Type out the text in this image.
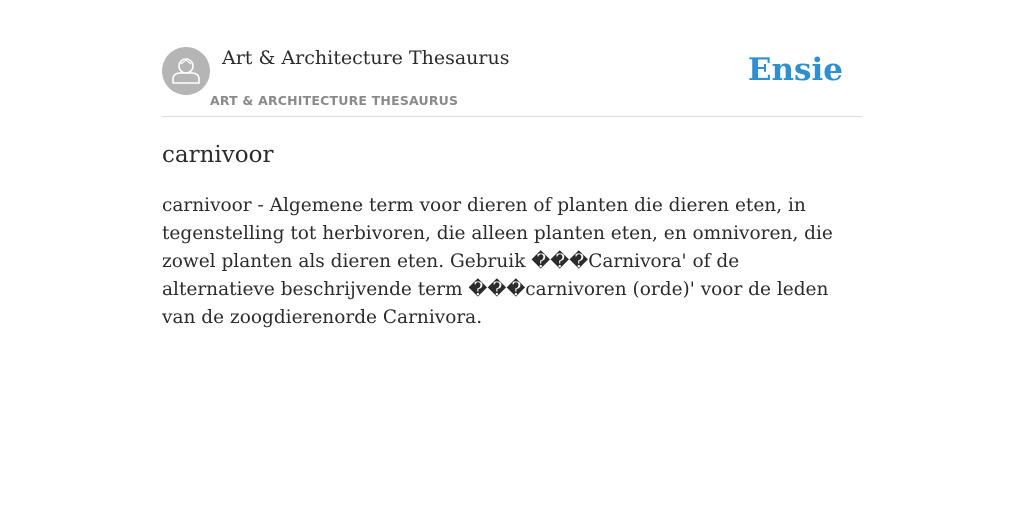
Art & Architecture Thesaurus
ART & ARCHITECTURE THESAURUS
Ensie
carnivoor

carnivoor - Algemene term voor dieren of planten die dieren eten, in tegenstelling tot herbivoren, die alleen planten eten, en omnivoren, die zowel planten als dieren eten. Gebruik ���Carnivora' of de alternatieve beschrijvende term ���carnivoren (orde)' voor de leden van de zoogdierenorde Carnivora.
